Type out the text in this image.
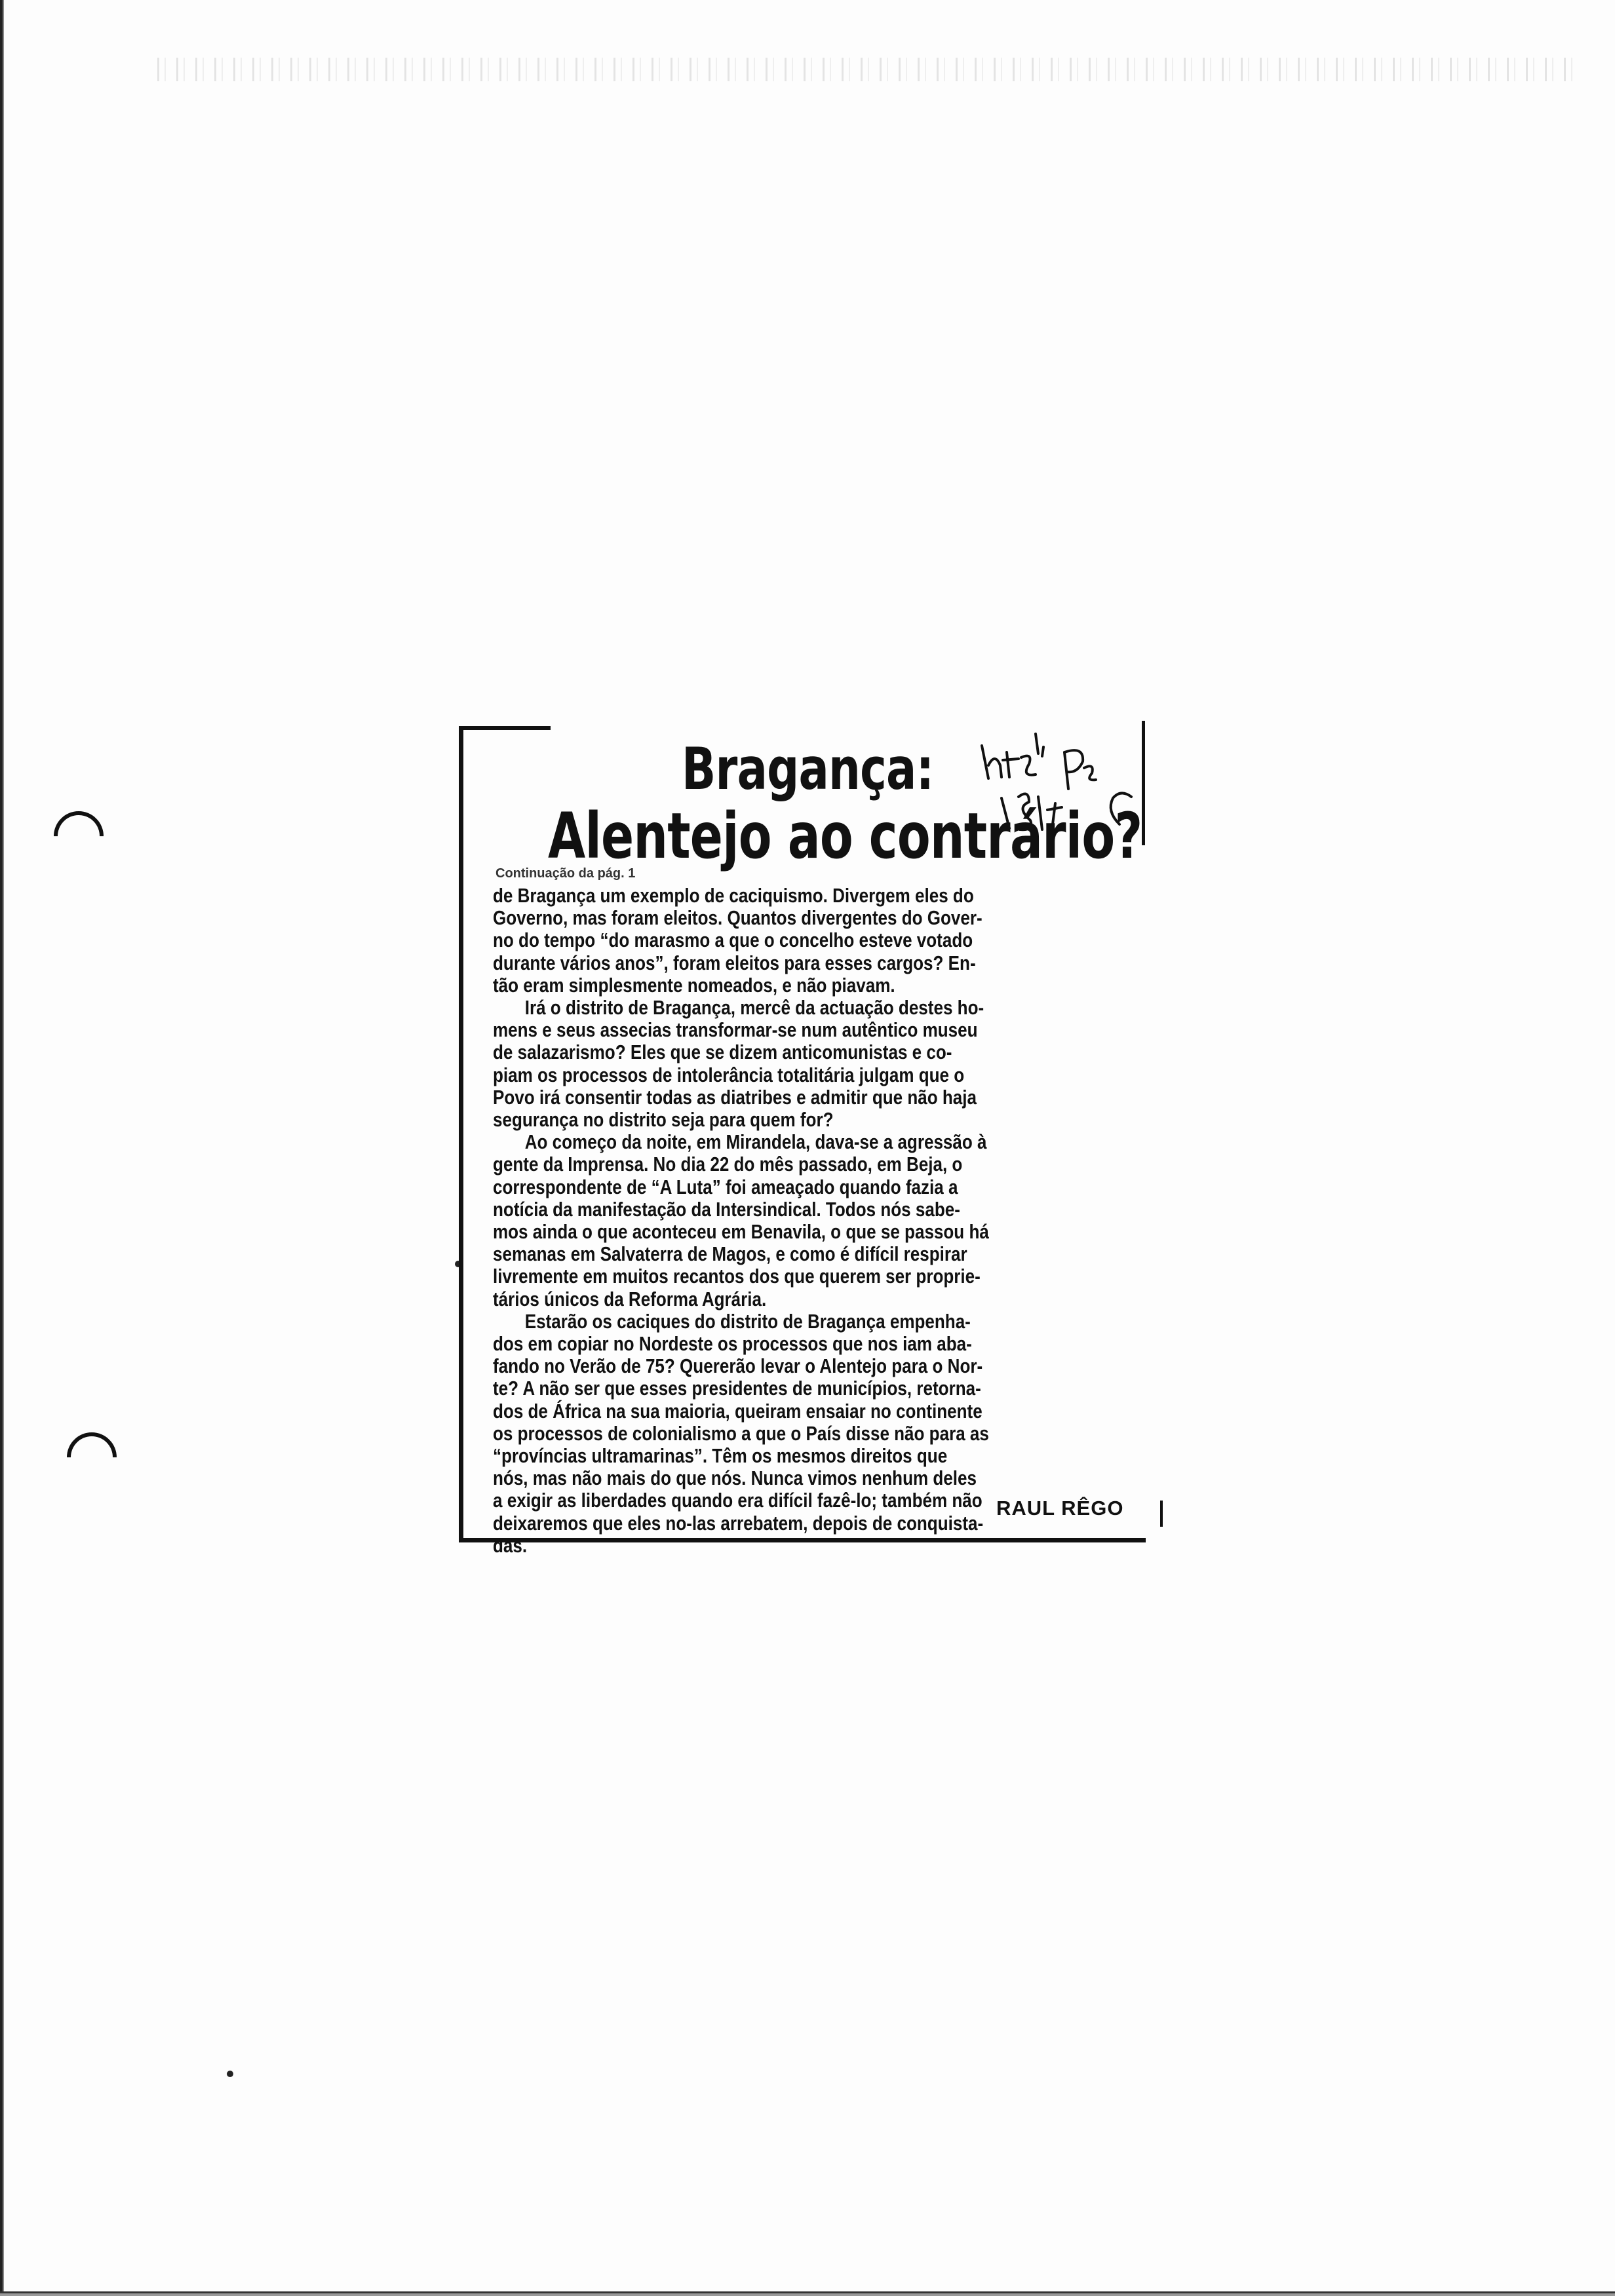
Bragança:
Alentejo ao contrário?
Continuação da pág. 1
de Bragança um exemplo de caciquismo. Divergem eles do
Governo, mas foram eleitos. Quantos divergentes do Gover-
no do tempo “do marasmo a que o concelho esteve votado
durante vários anos”, foram eleitos para esses cargos? En-
tão eram simplesmente nomeados, e não piavam.
Irá o distrito de Bragança, mercê da actuação destes ho-
mens e seus assecias transformar-se num autêntico museu
de salazarismo? Eles que se dizem anticomunistas e co-
piam os processos de intolerância totalitária julgam que o
Povo irá consentir todas as diatribes e admitir que não haja
segurança no distrito seja para quem for?
Ao começo da noite, em Mirandela, dava-se a agressão à
gente da Imprensa. No dia 22 do mês passado, em Beja, o
correspondente de “A Luta” foi ameaçado quando fazia a
notícia da manifestação da Intersindical. Todos nós sabe-
mos ainda o que aconteceu em Benavila, o que se passou há
semanas em Salvaterra de Magos, e como é difícil respirar
livremente em muitos recantos dos que querem ser proprie-
tários únicos da Reforma Agrária.
Estarão os caciques do distrito de Bragança empenha-
dos em copiar no Nordeste os processos que nos iam aba-
fando no Verão de 75? Quererão levar o Alentejo para o Nor-
te? A não ser que esses presidentes de municípios, retorna-
dos de África na sua maioria, queiram ensaiar no continente
os processos de colonialismo a que o País disse não para as
“províncias ultramarinas”. Têm os mesmos direitos que
nós, mas não mais do que nós. Nunca vimos nenhum deles
a exigir as liberdades quando era difícil fazê-lo; também não
deixaremos que eles no-las arrebatem, depois de conquista-
das.
RAUL RÊGO
